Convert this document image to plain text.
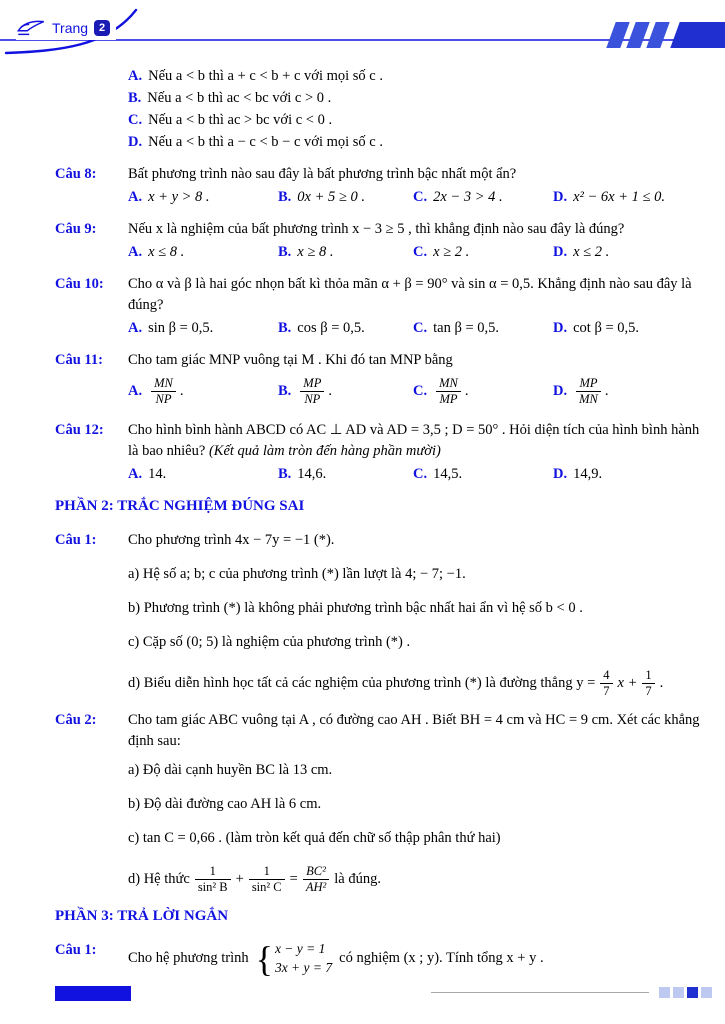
Trang 2
A. Nếu a < b thì a + c < b + c với mọi số c .
B. Nếu a < b thì ac < bc với c > 0 .
C. Nếu a < b thì ac > bc với c < 0 .
D. Nếu a < b thì a − c < b − c với mọi số c .
Câu 8:	Bất phương trình nào sau đây là bất phương trình bậc nhất một ẩn?
A. x + y > 8 .	B. 0x + 5 ≥ 0 .	C. 2x − 3 > 4 .	D. x² − 6x + 1 ≤ 0.
Câu 9:	Nếu x là nghiệm của bất phương trình x − 3 ≥ 5 , thì khẳng định nào sau đây là đúng?
A. x ≤ 8 .	B. x ≥ 8 .	C. x ≥ 2 .	D. x ≤ 2 .
Câu 10:	Cho α và β là hai góc nhọn bất kì thỏa mãn α + β = 90° và sin α = 0,5. Khẳng định nào sau đây là đúng?
A. sin β = 0,5.	B. cos β = 0,5.	C. tan β = 0,5.	D. cot β = 0,5.
Câu 11:	Cho tam giác MNP vuông tại M . Khi đó tan MNP bằng
A. $\frac{MN}{NP}$ .	B. $\frac{MP}{NP}$ .	C. $\frac{MN}{MP}$ .	D. $\frac{MP}{MN}$ .
Câu 12:	Cho hình bình hành ABCD có AC ⊥ AD và AD = 3,5 ; D = 50° . Hỏi diện tích của hình bình hành là bao nhiêu? (Kết quả làm tròn đến hàng phần mười)
A. 14.	B. 14,6.	C. 14,5.	D. 14,9.
PHẦN 2: TRẮC NGHIỆM ĐÚNG SAI
Câu 1:	Cho phương trình 4x − 7y = −1 (*).
a) Hệ số a; b; c của phương trình (*) lần lượt là 4; − 7; −1.
b) Phương trình (*) là không phải phương trình bậc nhất hai ẩn vì hệ số b < 0 .
c) Cặp số (0; 5) là nghiệm của phương trình (*) .
d) Biểu diễn hình học tất cả các nghiệm của phương trình (*) là đường thẳng $y = \frac{4}{7}$ $x + \frac{1}{7}$ .
Câu 2:	Cho tam giác ABC vuông tại A , có đường cao AH . Biết BH = 4 cm và HC = 9 cm. Xét các khẳng định sau:
a) Độ dài cạnh huyền BC là 13 cm.
b) Độ dài đường cao AH là 6 cm.
c) tan C = 0,66 . (làm tròn kết quả đến chữ số thập phân thứ hai)
d) Hệ thức $\frac{1}{\text{sin² B}} + \frac{1}{\text{sin² C}} = \frac{\text{BC²}}{\text{AH²}}$ là đúng.
PHẦN 3: TRẢ LỜI NGẮN
Câu 1:
Cho hệ phương trình { x − y = 1
3x + y = 7
có nghiệm (x ; y). Tính tổng x + y .
